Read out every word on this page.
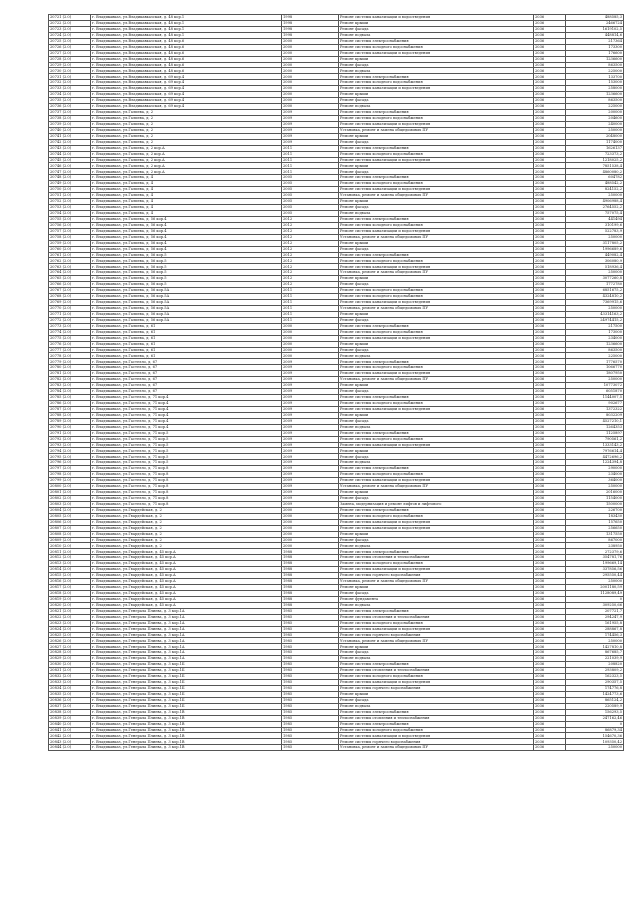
20721 (2.0)	г. Владикавказ, ул.Владикавказская, д. 48 кор.1	1998	Ремонт системы канализации и водоотведения	2036	488585,3
20722 (2.0)	г. Владикавказ, ул.Владикавказская, д. 48 кор.1	1998	Ремонт крыши	2036	2466724
20723 (2.0)	г. Владикавказ, ул.Владикавказская, д. 48 кор.1	1998	Ремонт фасада	2036	1619102,5
20724 (2.0)	г. Владикавказ, ул.Владикавказская, д. 48 кор.1	1998	Ремонт подвала	2036	448814,6
20725 (2.0)	г. Владикавказ, ул.Владикавказская, д. 48 кор.6	2000	Ремонт системы электроснабжения	2036	217364
20726 (2.0)	г. Владикавказ, ул.Владикавказская, д. 48 кор.6	2000	Ремонт системы холодного водоснабжения	2036	173300
20727 (2.0)	г. Владикавказ, ул.Владикавказская, д. 48 кор.6	2000	Ремонт системы канализации и водоотведения	2036	176600
20728 (2.0)	г. Владикавказ, ул.Владикавказская, д. 48 кор.6	2000	Ремонт крыши	2036	1236600
20729 (2.0)	г. Владикавказ, ул.Владикавказская, д. 48 кор.6	2000	Ремонт фасада	2036	863500
20730 (2.0)	г. Владикавказ, ул.Владикавказская, д. 48 кор.6	2000	Ремонт подвала	2036	225000
20731 (2.0)	г. Владикавказ, ул.Владикавказская, д. 69 кор.4	2000	Ремонт системы электроснабжения	2036	133700
20732 (2.0)	г. Владикавказ, ул.Владикавказская, д. 69 кор.4	2000	Ремонт системы холодного водоснабжения	2036	153000
20733 (2.0)	г. Владикавказ, ул.Владикавказская, д. 69 кор.4	2000	Ремонт системы канализации и водоотведения	2036	258000
20734 (2.0)	г. Владикавказ, ул.Владикавказская, д. 69 кор.4	2000	Ремонт крыши	2036	1236600
20735 (2.0)	г. Владикавказ, ул.Владикавказская, д. 69 кор.4	2000	Ремонт фасада	2036	863500
20736 (2.0)	г. Владикавказ, ул.Владикавказская, д. 69 кор.4	2000	Ремонт подвала	2036	225000
20737 (2.0)	г. Владикавказ, ул.Галиева, д. 2	2009	Ремонт системы электроснабжения	2036	200000
20738 (2.0)	г. Владикавказ, ул.Галиева, д. 2	2009	Ремонт системы холодного водоснабжения	2036	204600
20739 (2.0)	г. Владикавказ, ул.Галиева, д. 2	2009	Ремонт системы канализации и водоотведения	2036	240000
20740 (2.0)	г. Владикавказ, ул.Галиева, д. 2	2009	Установка, ремонт и замена общедомовых ПУ	2036	250000
20741 (2.0)	г. Владикавказ, ул.Галиева, д. 2	2009	Ремонт крыши	2036	2048000
20742 (2.0)	г. Владикавказ, ул.Галиева, д. 2	2009	Ремонт фасада	2036	1174000
20743 (2.0)	г. Владикавказ, ул.Галиева, д. 2 кор.А	2011	Ремонт системы электроснабжения	2036	1626137
20744 (2.0)	г. Владикавказ, ул.Галиева, д. 2 кор.А	2011	Ремонт системы холодного водоснабжения	2036	723373,2
20745 (2.0)	г. Владикавказ, ул.Галиева, д. 2 кор.А	2011	Ремонт системы канализации и водоотведения	2036	1218025,2
20746 (2.0)	г. Владикавказ, ул.Галиева, д. 2 кор.А	2011	Ремонт крыши	2036	7851538,4
20747 (2.0)	г. Владикавказ, ул.Галиева, д. 2 кор.А	2011	Ремонт фасада	2036	4860080,2
20748 (2.0)	г. Владикавказ, ул.Галиева, д. 4	2005	Ремонт системы электроснабжения	2036	604782
20749 (2.0)	г. Владикавказ, ул.Галиева, д. 4	2005	Ремонт системы холодного водоснабжения	2036	488542,2
20750 (2.0)	г. Владикавказ, ул.Галиева, д. 4	2005	Ремонт системы канализации и водоотведения	2036	824152,2
20751 (2.0)	г. Владикавказ, ул.Галиева, д. 4	2005	Установка, ремонт и замена общедомовых ПУ	2036	250000
20752 (2.0)	г. Владикавказ, ул.Галиева, д. 4	2005	Ремонт крыши	2036	4906988,4
20753 (2.0)	г. Владикавказ, ул.Галиева, д. 4	2005	Ремонт фасада	2036	2764552,2
20754 (2.0)	г. Владикавказ, ул.Галиева, д. 4	2005	Ремонт подвала	2036	757075,4
20755 (2.0)	г. Владикавказ, ул.Галиева, д. 56 кор.4	2012	Ремонт системы электроснабжения	2036	441494
20756 (2.0)	г. Владикавказ, ул.Галиева, д. 56 кор.4	2012	Ремонт системы холодного водоснабжения	2036	310199,6
20757 (2.0)	г. Владикавказ, ул.Галиева, д. 56 кор.4	2012	Ремонт системы канализации и водоотведения	2036	522783,9
20758 (2.0)	г. Владикавказ, ул.Галиева, д. 56 кор.4	2012	Установка, ремонт и замена общедомовых ПУ	2036	250000
20759 (2.0)	г. Владикавказ, ул.Галиева, д. 56 кор.4	2012	Ремонт крыши	2036	3117805,2
20760 (2.0)	г. Владикавказ, ул.Галиева, д. 56 кор.4	2012	Ремонт фасада	2036	1996689,6
20761 (2.0)	г. Владикавказ, ул.Галиева, д. 56 кор.5	2012	Ремонт системы электроснабжения	2036	449082,4
20762 (2.0)	г. Владикавказ, ул.Галиева, д. 56 кор.5	2012	Ремонт системы холодного водоснабжения	2036	306080,9
20763 (2.0)	г. Владикавказ, ул.Галиева, д. 56 кор.5	2012	Ремонт системы канализации и водоотведения	2036	518936,4
20764 (2.0)	г. Владикавказ, ул.Галиева, д. 56 кор.5	2012	Установка, ремонт и замена общедомовых ПУ	2036	250000
20765 (2.0)	г. Владикавказ, ул.Галиева, д. 56 кор.5	2012	Ремонт крыши	2036	3077260,8
20766 (2.0)	г. Владикавказ, ул.Галиева, д. 56 кор.5	2012	Ремонт фасада	2036	1772780
20767 (2.0)	г. Владикавказ, ул.Галиева, д. 56 кор.5А	2011	Ремонт системы холодного водоснабжения	2036	6851675,2
20768 (2.0)	г. Владикавказ, ул.Галиева, д. 56 кор.5А	2011	Ремонт системы холодного водоснабжения	2036	4324810,2
20769 (2.0)	г. Владикавказ, ул.Галиева, д. 56 кор.5А	2011	Ремонт системы канализации и водоотведения	2036	7369915,6
20770 (2.0)	г. Владикавказ, ул.Галиева, д. 56 кор.5А	2011	Установка, ремонт и замена общедомовых ПУ	2036	250000
20771 (2.0)	г. Владикавказ, ул.Галиева, д. 56 кор.5А	2011	Ремонт крыши	2036	43314163,2
20772 (2.0)	г. Владикавказ, ул.Галиева, д. 56 кор.5А	2011	Ремонт фасада	2036	24974415,2
20773 (2.0)	г. Владикавказ, ул.Галиева, д. 61	2000	Ремонт системы электроснабжения	2036	217500
20774 (2.0)	г. Владикавказ, ул.Галиева, д. 61	2000	Ремонт системы холодного водоснабжения	2036	173000
20775 (2.0)	г. Владикавказ, ул.Галиева, д. 61	2000	Ремонт системы канализации и водоотведения	2036	234000
20776 (2.0)	г. Владикавказ, ул.Галиева, д. 61	2000	Ремонт крыши	2036	1236600
20777 (2.0)	г. Владикавказ, ул.Галиева, д. 61	2000	Ремонт фасада	2036	863500
20778 (2.0)	г. Владикавказ, ул.Галиева, д. 61	2000	Ремонт подвала	2036	225000
20779 (2.0)	г. Владикавказ, ул.Гастелло, д. 67	2009	Ремонт системы электроснабжения	2036	1776570
20780 (2.0)	г. Владикавказ, ул.Гастелло, д. 67	2009	Ремонт системы холодного водоснабжения	2036	1066770
20781 (2.0)	г. Владикавказ, ул.Гастелло, д. 67	2009	Ремонт системы канализации и водоотведения	2036	1807950
20782 (2.0)	г. Владикавказ, ул.Гастелло, д. 67	2009	Установка, ремонт и замена общедомовых ПУ	2036	250000
20783 (2.0)	г. Владикавказ, ул.Гастелло, д. 67	2009	Ремонт крыши	2036	10773072
20784 (2.0)	г. Владикавказ, ул.Гастелло, д. 67	2009	Ремонт фасада	2036	6051870
20785 (2.0)	г. Владикавказ, ул.Гастелло, д. 71 кор.4	2009	Ремонт системы электроснабжения	2036	1144007,5
20786 (2.0)	г. Владикавказ, ул.Гастелло, д. 71 кор.4	2009	Ремонт системы холодного водоснабжения	2036	902677
20787 (2.0)	г. Владикавказ, ул.Гастелло, д. 71 кор.4	2009	Ремонт системы канализации и водоотведения	2036	1372322
20788 (2.0)	г. Владикавказ, ул.Гастелло, д. 71 кор.4	2009	Ремонт крыши	2036	8032209
20789 (2.0)	г. Владикавказ, ул.Гастелло, д. 71 кор.4	2009	Ремонт фасада	2036	4527210,1
20790 (2.0)	г. Владикавказ, ул.Гастелло, д. 71 кор.4	2009	Ремонт подвала	2036	1264353
20791 (2.0)	г. Владикавказ, ул.Гастелло, д. 71 кор.5	2009	Ремонт системы электроснабжения	2036	1125897
20792 (2.0)	г. Владикавказ, ул.Гастелло, д. 71 кор.5	2009	Ремонт системы холодного водоснабжения	2036	790561,2
20793 (2.0)	г. Владикавказ, ул.Гастелло, д. 71 кор.5	2009	Ремонт системы канализации и водоотведения	2036	1333143,2
20794 (2.0)	г. Владикавказ, ул.Гастелло, д. 71 кор.5	2009	Ремонт крыши	2036	7976614,4
20795 (2.0)	г. Владикавказ, ул.Гастелло, д. 71 кор.5	2009	Ремонт фасада	2036	4472696,2
20796 (2.0)	г. Владикавказ, ул.Гастелло, д. 71 кор.5	2009	Ремонт подвала	2036	1224394,8
20797 (2.0)	г. Владикавказ, ул.Гастелло, д. 71 кор.8	2009	Ремонт системы электроснабжения	2036	290000
20798 (2.0)	г. Владикавказ, ул.Гастелло, д. 71 кор.8	2009	Ремонт системы холодного водоснабжения	2036	234000
20799 (2.0)	г. Владикавказ, ул.Гастелло, д. 71 кор.8	2009	Ремонт системы канализации и водоотведения	2036	364000
20800 (2.0)	г. Владикавказ, ул.Гастелло, д. 71 кор.8	2009	Установка, ремонт и замена общедомовых ПУ	2036	250000
20801 (2.0)	г. Владикавказ, ул.Гастелло, д. 71 кор.8	2009	Ремонт крыши	2036	2016000
20802 (2.0)	г. Владикавказ, ул.Гастелло, д. 71 кор.8	2009	Ремонт фасада	2036	1154000
20803 (2.0)	г. Владикавказ, ул.Гастелло, д. 71 кор.8	2009	Замена, модернизация и ремонт лифтов и лифтового	2036	1500000
20804 (2.0)	г. Владикавказ, ул.Гвардейская, д. 2	2000	Ремонт системы электроснабжения	2036	226700
20805 (2.0)	г. Владикавказ, ул.Гвардейская, д. 2	2000	Ремонт системы холодного водоснабжения	2036	183430
20806 (2.0)	г. Владикавказ, ул.Гвардейская, д. 2	2000	Ремонт системы канализации и водоотведения	2036	157650
20807 (2.0)	г. Владикавказ, ул.Гвардейская, д. 2	2000	Ремонт системы канализации и водоотведения	2036	256650
20808 (2.0)	г. Владикавказ, ул.Гвардейская, д. 2	2000	Ремонт крыши	2036	1317550
20809 (2.0)	г. Владикавказ, ул.Гвардейская, д. 2	2000	Ремонт фасада	2036	867000
20810 (2.0)	г. Владикавказ, ул.Гвардейская, д. 2	2000	Ремонт подвала	2036	238950
20811 (2.0)	г. Владикавказ, ул.Гвардейская, д. 45 кор.А	1988	Ремонт системы электроснабжения	2036	272379,6
20812 (2.0)	г. Владикавказ, ул.Гвардейская, д. 45 кор.А	1988	Ремонт системы отопления и теплоснабжения	2036	354781,76
20813 (2.0)	г. Владикавказ, ул.Гвардейская, д. 45 кор.А	1988	Ремонт системы холодного водоснабжения	2036	199669,14
20814 (2.0)	г. Владикавказ, ул.Гвардейская, д. 45 кор.А	1988	Ремонт системы канализации и водоотведения	2036	337856,56
20815 (2.0)	г. Владикавказ, ул.Гвардейская, д. 45 кор.А	1988	Ремонт системы горячего водоснабжения	2036	295550,44
20816 (2.0)	г. Владикавказ, ул.Гвардейская, д. 45 кор.А	1988	Установка, ремонт и замена общедомовых ПУ	2036	250000
20817 (2.0)	г. Владикавказ, ул.Гвардейская, д. 45 кор.А	1988	Ремонт крыши	2036	2001180,59
20818 (2.0)	г. Владикавказ, ул.Гвардейская, д. 45 кор.А	1988	Ремонт фасада	2036	1128089,49
20819 (2.0)	г. Владикавказ, ул.Гвардейская, д. 45 кор.А	1988	Ремонт фундамента	2036	0
20820 (2.0)	г. Владикавказ, ул.Гвардейская, д. 45 кор.А	1988	Ремонт подвала	2036	309250,66
20821 (2.0)	г. Владикавказ, ул.Генерала Плиева, д. 3 кор.1А	1985	Ремонт системы электроснабжения	2036	207721,7
20822 (2.0)	г. Владикавказ, ул.Генерала Плиева, д. 3 кор.1А	1985	Ремонт системы отопления и теплоснабжения	2036	294247,9
20823 (2.0)	г. Владикавказ, ул.Генерала Плиева, д. 3 кор.1А	1985	Ремонт системы холодного водоснабжения	2036	161955,8
20824 (2.0)	г. Владикавказ, ул.Генерала Плиева, д. 3 кор.1А	1985	Ремонт системы канализации и водоотведения	2036	288867,8
20825 (2.0)	г. Владикавказ, ул.Генерала Плиева, д. 3 кор.1А	1985	Ремонт системы горячего водоснабжения	2036	174456,3
20826 (2.0)	г. Владикавказ, ул.Генерала Плиева, д. 3 кор.1А	1985	Установка, ремонт и замена общедомовых ПУ	2036	250000
20827 (2.0)	г. Владикавказ, ул.Генерала Плиева, д. 3 кор.1А	1985	Ремонт крыши	2036	1427810,8
20828 (2.0)	г. Владикавказ, ул.Генерала Плиева, д. 3 кор.1А	1985	Ремонт фасада	2036	867685,7
20829 (2.0)	г. Владикавказ, ул.Генерала Плиева, д. 3 кор.1А	1985	Ремонт подвала	2036	221039,9
20830 (2.0)	г. Владикавказ, ул.Генерала Плиева, д. 3 кор.1Б	1985	Ремонт системы электроснабжения	2036	208820
20831 (2.0)	г. Владикавказ, ул.Генерала Плиева, д. 3 кор.1Б	1985	Ремонт системы отопления и теплоснабжения	2036	293809,2
20832 (2.0)	г. Владикавказ, ул.Генерала Плиева, д. 3 кор.1Б	1985	Ремонт системы холодного водоснабжения	2036	162323,5
20833 (2.0)	г. Владикавказ, ул.Генерала Плиева, д. 3 кор.1Б	1985	Ремонт системы канализации и водоотведения	2036	290357,5
20834 (2.0)	г. Владикавказ, ул.Генерала Плиева, д. 3 кор.1Б	1985	Ремонт системы горячего водоснабжения	2036	174776,8
20835 (2.0)	г. Владикавказ, ул.Генерала Плиева, д. 3 кор.1Б	1985	Ремонт крыши	2036	1424773,6
20836 (2.0)	г. Владикавказ, ул.Генерала Плиева, д. 3 кор.1Б	1985	Ремонт фасада	2036	865124,2
20837 (2.0)	г. Владикавказ, ул.Генерала Плиева, д. 3 кор.1Б	1985	Ремонт подвала	2036	220589,9
20838 (2.0)	г. Владикавказ, ул.Генерала Плиева, д. 3 кор.1В	1985	Ремонт системы электроснабжения	2036	156293,5
20839 (2.0)	г. Владикавказ, ул.Генерала Плиева, д. 3 кор.1В	1985	Ремонт системы отопления и теплоснабжения	2036	247162,46
20840 (2.0)	г. Владикавказ, ул.Генерала Плиева, д. 3 кор.1В	1985	Ремонт системы электроснабжения	2036	0
20841 (2.0)	г. Владикавказ, ул.Генерала Плиева, д. 3 кор.1В	1985	Ремонт системы холодного водоснабжения	2036	86879,34
20842 (2.0)	г. Владикавказ, ул.Генерала Плиева, д. 3 кор.1В	1985	Ремонт системы канализации и водоотведения	2036	154670,36
20843 (2.0)	г. Владикавказ, ул.Генерала Плиева, д. 3 кор.1В	1985	Ремонт системы горячего водоснабжения	2036	109350,42
20844 (2.0)	г. Владикавказ, ул.Генерала Плиева, д. 3 кор.1В	1985	Установка, ремонт и замена общедомовых ПУ	2036	250000
